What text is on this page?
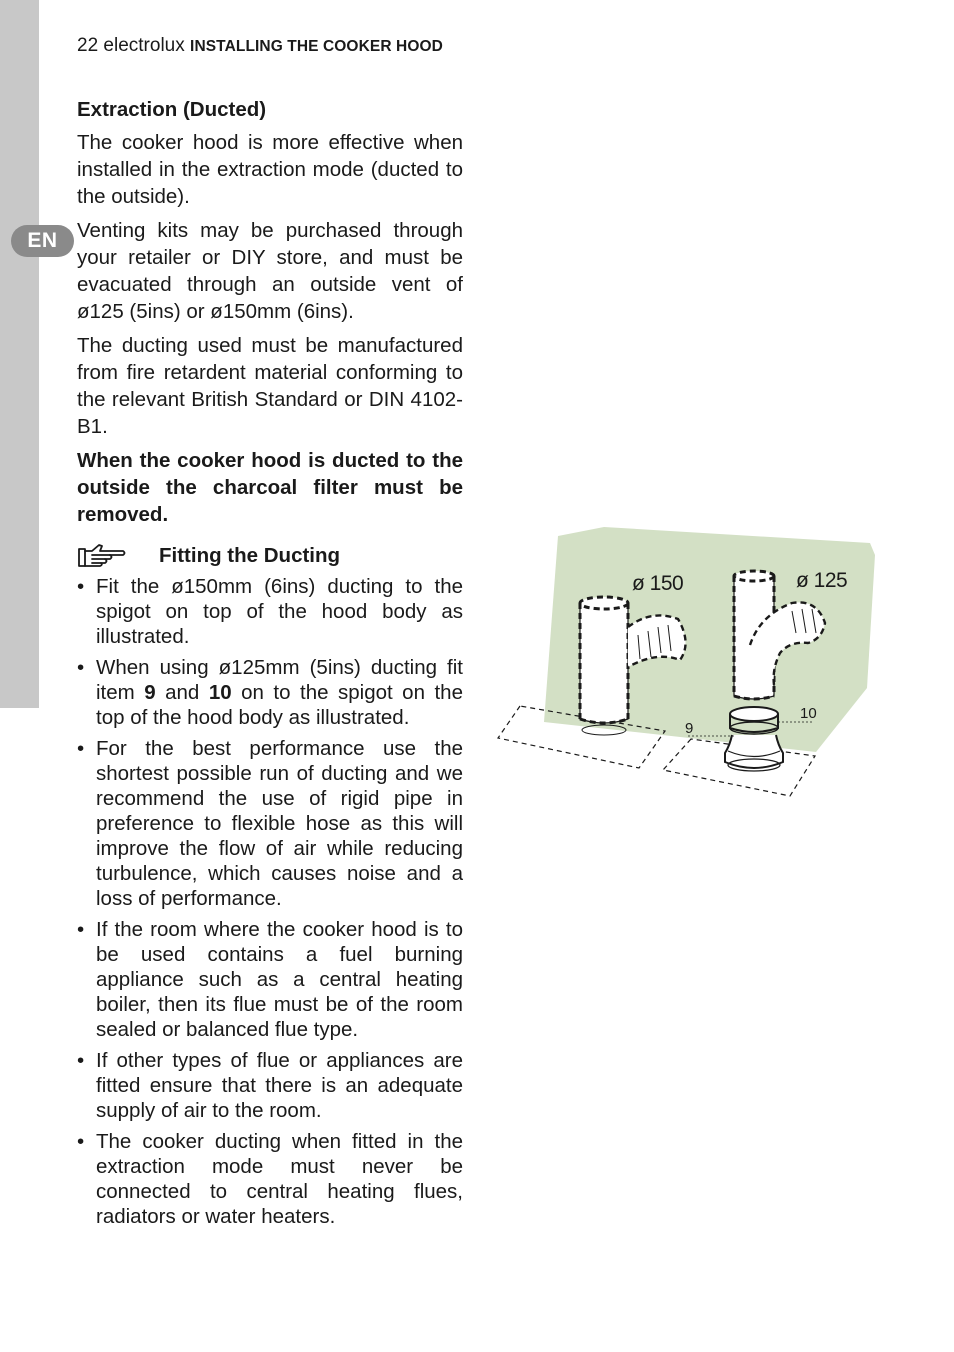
EN
22 electrolux INSTALLING THE COOKER HOOD
Extraction (Ducted)

The cooker hood is more effective when installed in the extraction mode (ducted to the outside).

Venting kits may be purchased through your retailer or DIY store, and must be evacuated through an outside vent of ø125 (5ins) or ø150mm (6ins).

The ducting used must be manufactured from fire retardent material conforming to the relevant British Standard or DIN 4102-B1.

When the cooker hood is ducted to the outside the charcoal filter must be removed.

Fitting the Ducting
• Fit the ø150mm (6ins) ducting to the spigot on top of the hood body as illustrated.
• When using ø125mm (5ins) ducting fit item 9 and 10 on to the spigot on the top of the hood body as illustrated.
• For the best performance use the shortest possible run of ducting and we recommend the use of rigid pipe in preference to flexible hose as this will improve the flow of air while reducing turbulence, which causes noise and a loss of performance.
• If the room where the cooker hood is to be used contains a fuel burning appliance such as a central heating boiler, then its flue must be of the room sealed or balanced flue type.
• If other types of flue or appliances are fitted ensure that there is an adequate supply of air to the room.
• The cooker ducting when fitted in the extraction mode must never be connected to central heating flues, radiators or water heaters.
ø 150	ø 125
9
10
